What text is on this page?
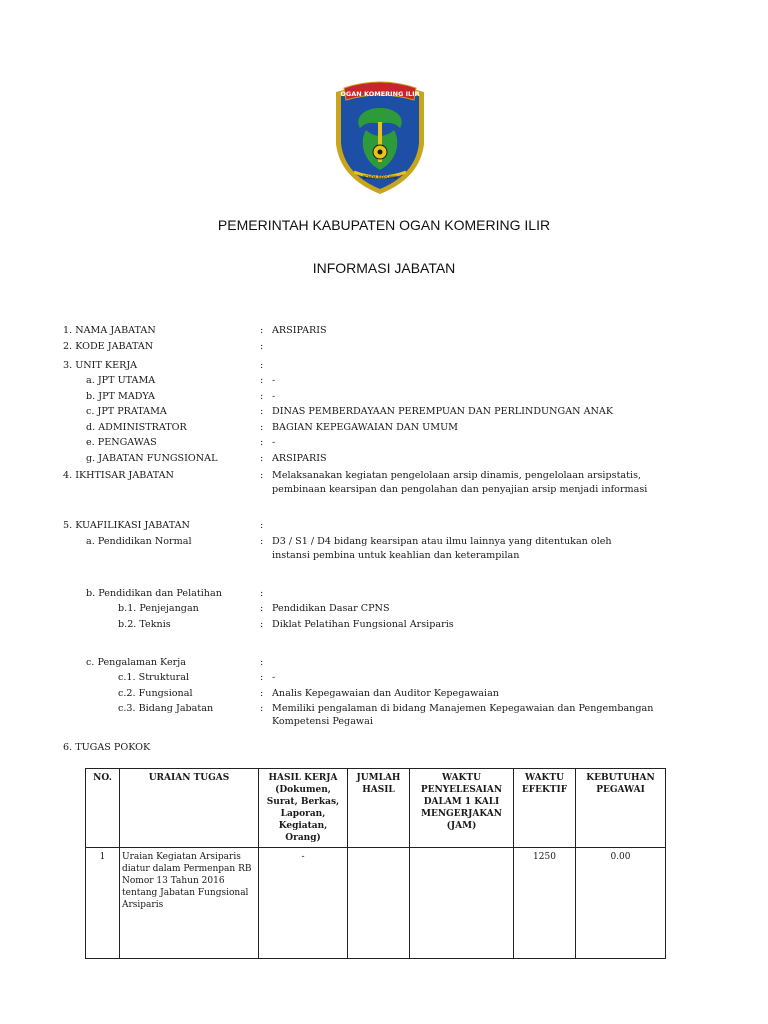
OGAN KOMERING ILIR
BENDA BERSAMA
PEMERINTAH KABUPATEN OGAN KOMERING ILIR
INFORMASI JABATAN
1. NAMA JABATAN	: ARSIPARIS
2. KODE JABATAN	:
3. UNIT KERJA	:
a. JPT UTAMA	: -
b. JPT MADYA	: -
c. JPT PRATAMA	: DINAS PEMBERDAYAAN PEREMPUAN DAN PERLINDUNGAN ANAK
d. ADMINISTRATOR	: BAGIAN KEPEGAWAIAN DAN UMUM
e. PENGAWAS	: -
g. JABATAN FUNGSIONAL	: ARSIPARIS
4. IKHTISAR JABATAN	: Melaksanakan kegiatan pengelolaan arsip dinamis, pengelolaan arsipstatis,
pembinaan kearsipan dan pengolahan dan penyajian arsip menjadi informasi
5. KUAFILIKASI JABATAN	:
a. Pendidikan Normal	: D3 / S1 / D4 bidang kearsipan atau ilmu lainnya yang ditentukan oleh
instansi pembina untuk keahlian dan keterampilan
b. Pendidikan dan Pelatihan	:
b.1. Penjejangan	: Pendidikan Dasar CPNS
b.2. Teknis	: Diklat Pelatihan Fungsional Arsiparis
c. Pengalaman Kerja	:
c.1. Struktural	: -
c.2. Fungsional	: Analis Kepegawaian dan Auditor Kepegawaian
c.3. Bidang Jabatan	: Memiliki pengalaman di bidang Manajemen Kepegawaian dan Pengembangan
Kompetensi Pegawai
6. TUGAS POKOK
NO.	URAIAN TUGAS	HASIL KERJA (Dokumen, Surat, Berkas, Laporan, Kegiatan, Orang)	JUMLAH HASIL	WAKTU PENYELESAIAN DALAM 1 KALI MENGERJAKAN (JAM)	WAKTU EFEKTIF	KEBUTUHAN PEGAWAI
1	Uraian Kegiatan Arsiparis diatur dalam Permenpan RB Nomor 13 Tahun 2016 tentang Jabatan Fungsional Arsiparis	-			1250	0.00
